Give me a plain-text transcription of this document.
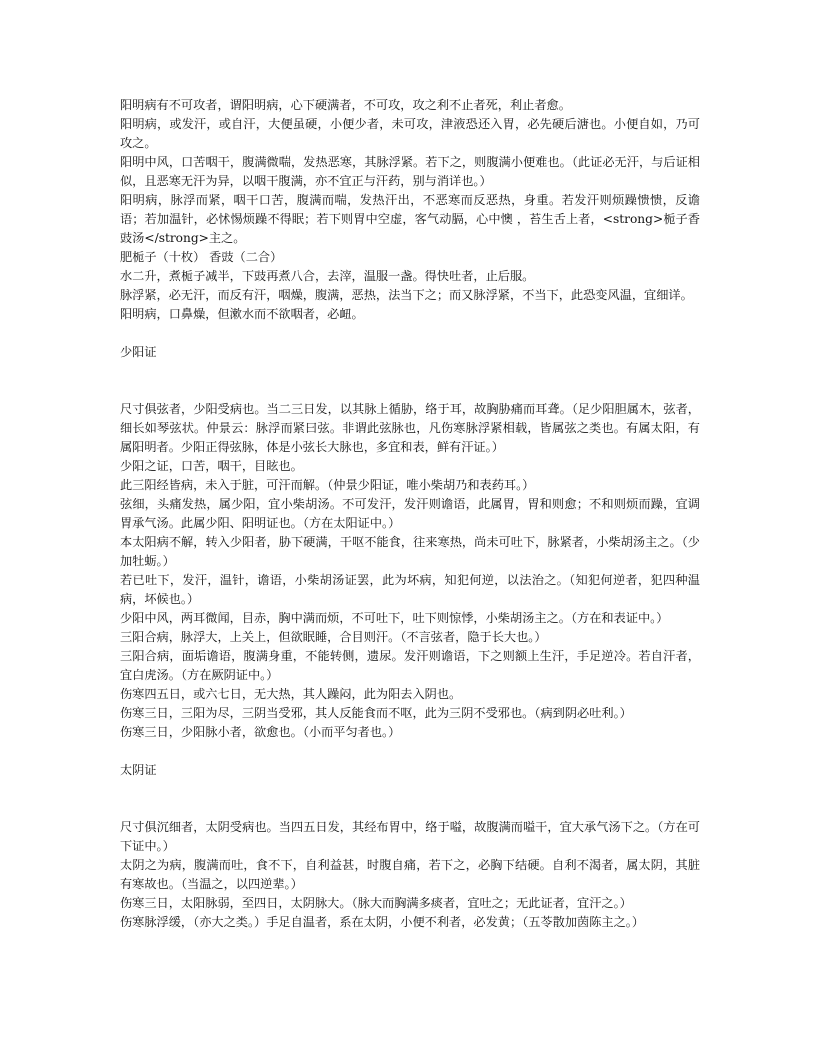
阳明病有不可攻者，谓阳明病，心下硬满者，不可攻，攻之利不止者死，利止者愈。

阳明病，或发汗，或自汗，大便虽硬，小便少者，未可攻，津液恐还入胃，必先硬后溏也。小便自如，乃可攻之。

阳明中风，口苦咽干，腹满微喘，发热恶寒，其脉浮紧。若下之，则腹满小便难也。（此证必无汗，与后证相似，且恶寒无汗为异，以咽干腹满，亦不宜正与汗药，别与消详也。）

阳明病，脉浮而紧，咽干口苦，腹满而喘，发热汗出，不恶寒而反恶热，身重。若发汗则烦躁愦愦，反谵语；若加温针，必怵惕烦躁不得眠；若下则胃中空虚，客气动膈，心中懊 ，苔生舌上者，<strong>栀子香豉汤</strong>主之。

肥栀子（十枚） 香豉（二合）

水二升，煮栀子减半，下豉再煮八合，去滓，温服一盏。得快吐者，止后服。

脉浮紧，必无汗，而反有汗，咽燥，腹满，恶热，法当下之；而又脉浮紧，不当下，此恐变风温，宜细详。

阳明病，口鼻燥，但漱水而不欲咽者，必衄。

少阳证

尺寸俱弦者，少阳受病也。当二三日发，以其脉上循胁，络于耳，故胸胁痛而耳聋。（足少阳胆属木，弦者，细长如琴弦状。仲景云：脉浮而紧曰弦。非谓此弦脉也，凡伤寒脉浮紧相载，皆属弦之类也。有属太阳，有属阳明者。少阳正得弦脉，体是小弦长大脉也，多宜和表，鲜有汗证。）

少阳之证，口苦，咽干，目眩也。

此三阳经皆病，未入于脏，可汗而解。（仲景少阳证，唯小柴胡乃和表药耳。）

弦细，头痛发热，属少阳，宜小柴胡汤。不可发汗，发汗则谵语，此属胃，胃和则愈；不和则烦而躁，宜调胃承气汤。此属少阳、阳明证也。（方在太阳证中。）

本太阳病不解，转入少阳者，胁下硬满，干呕不能食，往来寒热，尚未可吐下，脉紧者，小柴胡汤主之。（少加牡蛎。）

若已吐下，发汗，温针，谵语，小柴胡汤证罢，此为坏病，知犯何逆，以法治之。（知犯何逆者，犯四种温病，坏候也。）

少阳中风，两耳微闻，目赤，胸中满而烦，不可吐下，吐下则惊悸，小柴胡汤主之。（方在和表证中。）

三阳合病，脉浮大，上关上，但欲眠睡，合目则汗。（不言弦者，隐于长大也。）

三阳合病，面垢谵语，腹满身重，不能转侧，遗尿。发汗则谵语，下之则额上生汗，手足逆冷。若自汗者，宜白虎汤。（方在厥阴证中。）

伤寒四五日，或六七日，无大热，其人躁闷，此为阳去入阴也。

伤寒三日，三阳为尽，三阴当受邪，其人反能食而不呕，此为三阴不受邪也。（病到阴必吐利。）

伤寒三日，少阳脉小者，欲愈也。（小而平匀者也。）

太阴证

尺寸俱沉细者，太阴受病也。当四五日发，其经布胃中，络于嗌，故腹满而嗌干，宜大承气汤下之。（方在可下证中。）

太阴之为病，腹满而吐，食不下，自利益甚，时腹自痛，若下之，必胸下结硬。自利不渴者，属太阴，其脏有寒故也。（当温之，以四逆辈。）

伤寒三日，太阳脉弱，至四日，太阴脉大。（脉大而胸满多痰者，宜吐之；无此证者，宜汗之。）

伤寒脉浮缓，（亦大之类。）手足自温者，系在太阴，小便不利者，必发黄；（五苓散加茵陈主之。）
